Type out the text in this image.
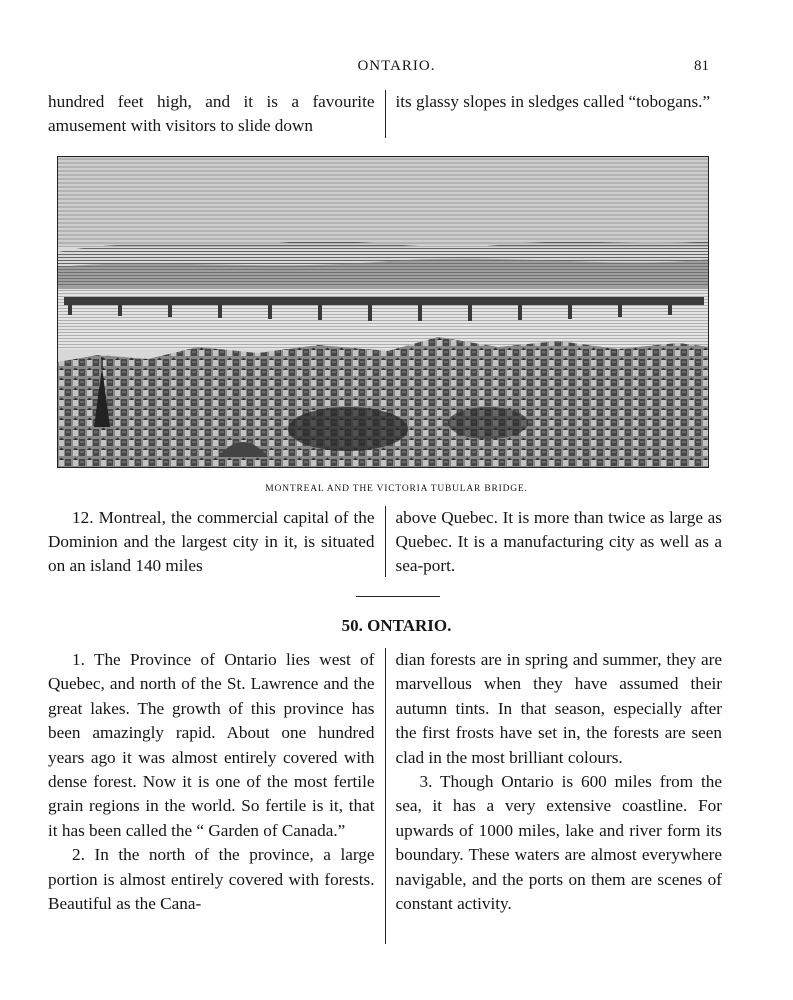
ONTARIO.	81

hundred feet high, and it is a favourite amusement with visitors to slide down

its glassy slopes in sledges called “tobogans.”

MONTREAL AND THE VICTORIA TUBULAR BRIDGE.

12. Montreal, the commercial capital of the Dominion and the largest city in it, is situated on an island 140 miles

above Quebec. It is more than twice as large as Quebec. It is a manufacturing city as well as a sea-port.

50. ONTARIO.

1. The Province of Ontario lies west of Quebec, and north of the St. Lawrence and the great lakes. The growth of this province has been amazingly rapid. About one hundred years ago it was almost entirely covered with dense forest. Now it is one of the most fertile grain regions in the world. So fertile is it, that it has been called the “ Garden of Canada.”

2. In the north of the province, a large portion is almost entirely covered with forests. Beautiful as the Cana-

dian forests are in spring and summer, they are marvellous when they have assumed their autumn tints. In that season, especially after the first frosts have set in, the forests are seen clad in the most brilliant colours.

3. Though Ontario is 600 miles from the sea, it has a very extensive coastline. For upwards of 1000 miles, lake and river form its boundary. These waters are almost everywhere navigable, and the ports on them are scenes of constant activity.
